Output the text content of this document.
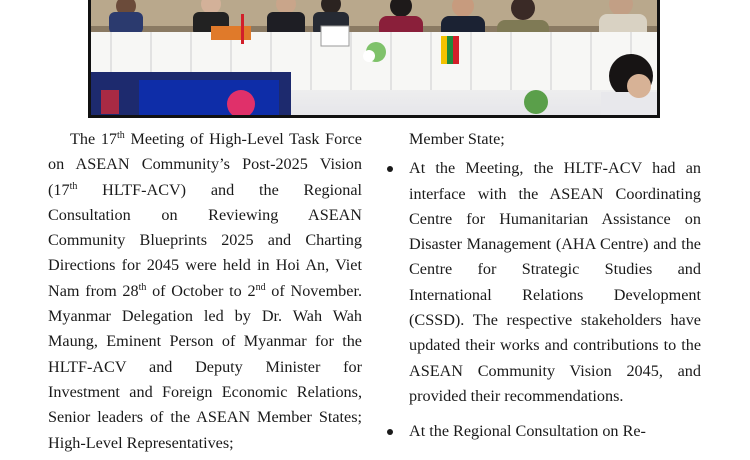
The 17th Meeting of High-Level Task Force on ASEAN Community’s Post-2025 Vision (17th HLTF-ACV) and the Regional Consultation on Reviewing ASEAN Community Blueprints 2025 and Charting Directions for 2045 were held in Hoi An, Viet Nam from 28th of October to 2nd of November. Myanmar Delegation led by Dr. Wah Wah Maung, Eminent Person of Myanmar for the HLTF-ACV and Deputy Minister for Investment and Foreign Economic Relations, Senior leaders of the ASEAN Member States; High-Level Representatives;

Member State;

At the Meeting, the HLTF-ACV had an interface with the ASEAN Coordinating Centre for Humanitarian Assistance on Disaster Management (AHA Centre) and the Centre for Strategic Studies and International Relations Development (CSSD). The respective stakeholders have updated their works and contributions to the ASEAN Community Vision 2045, and provided their recommendations.

At the Regional Consultation on Re-
